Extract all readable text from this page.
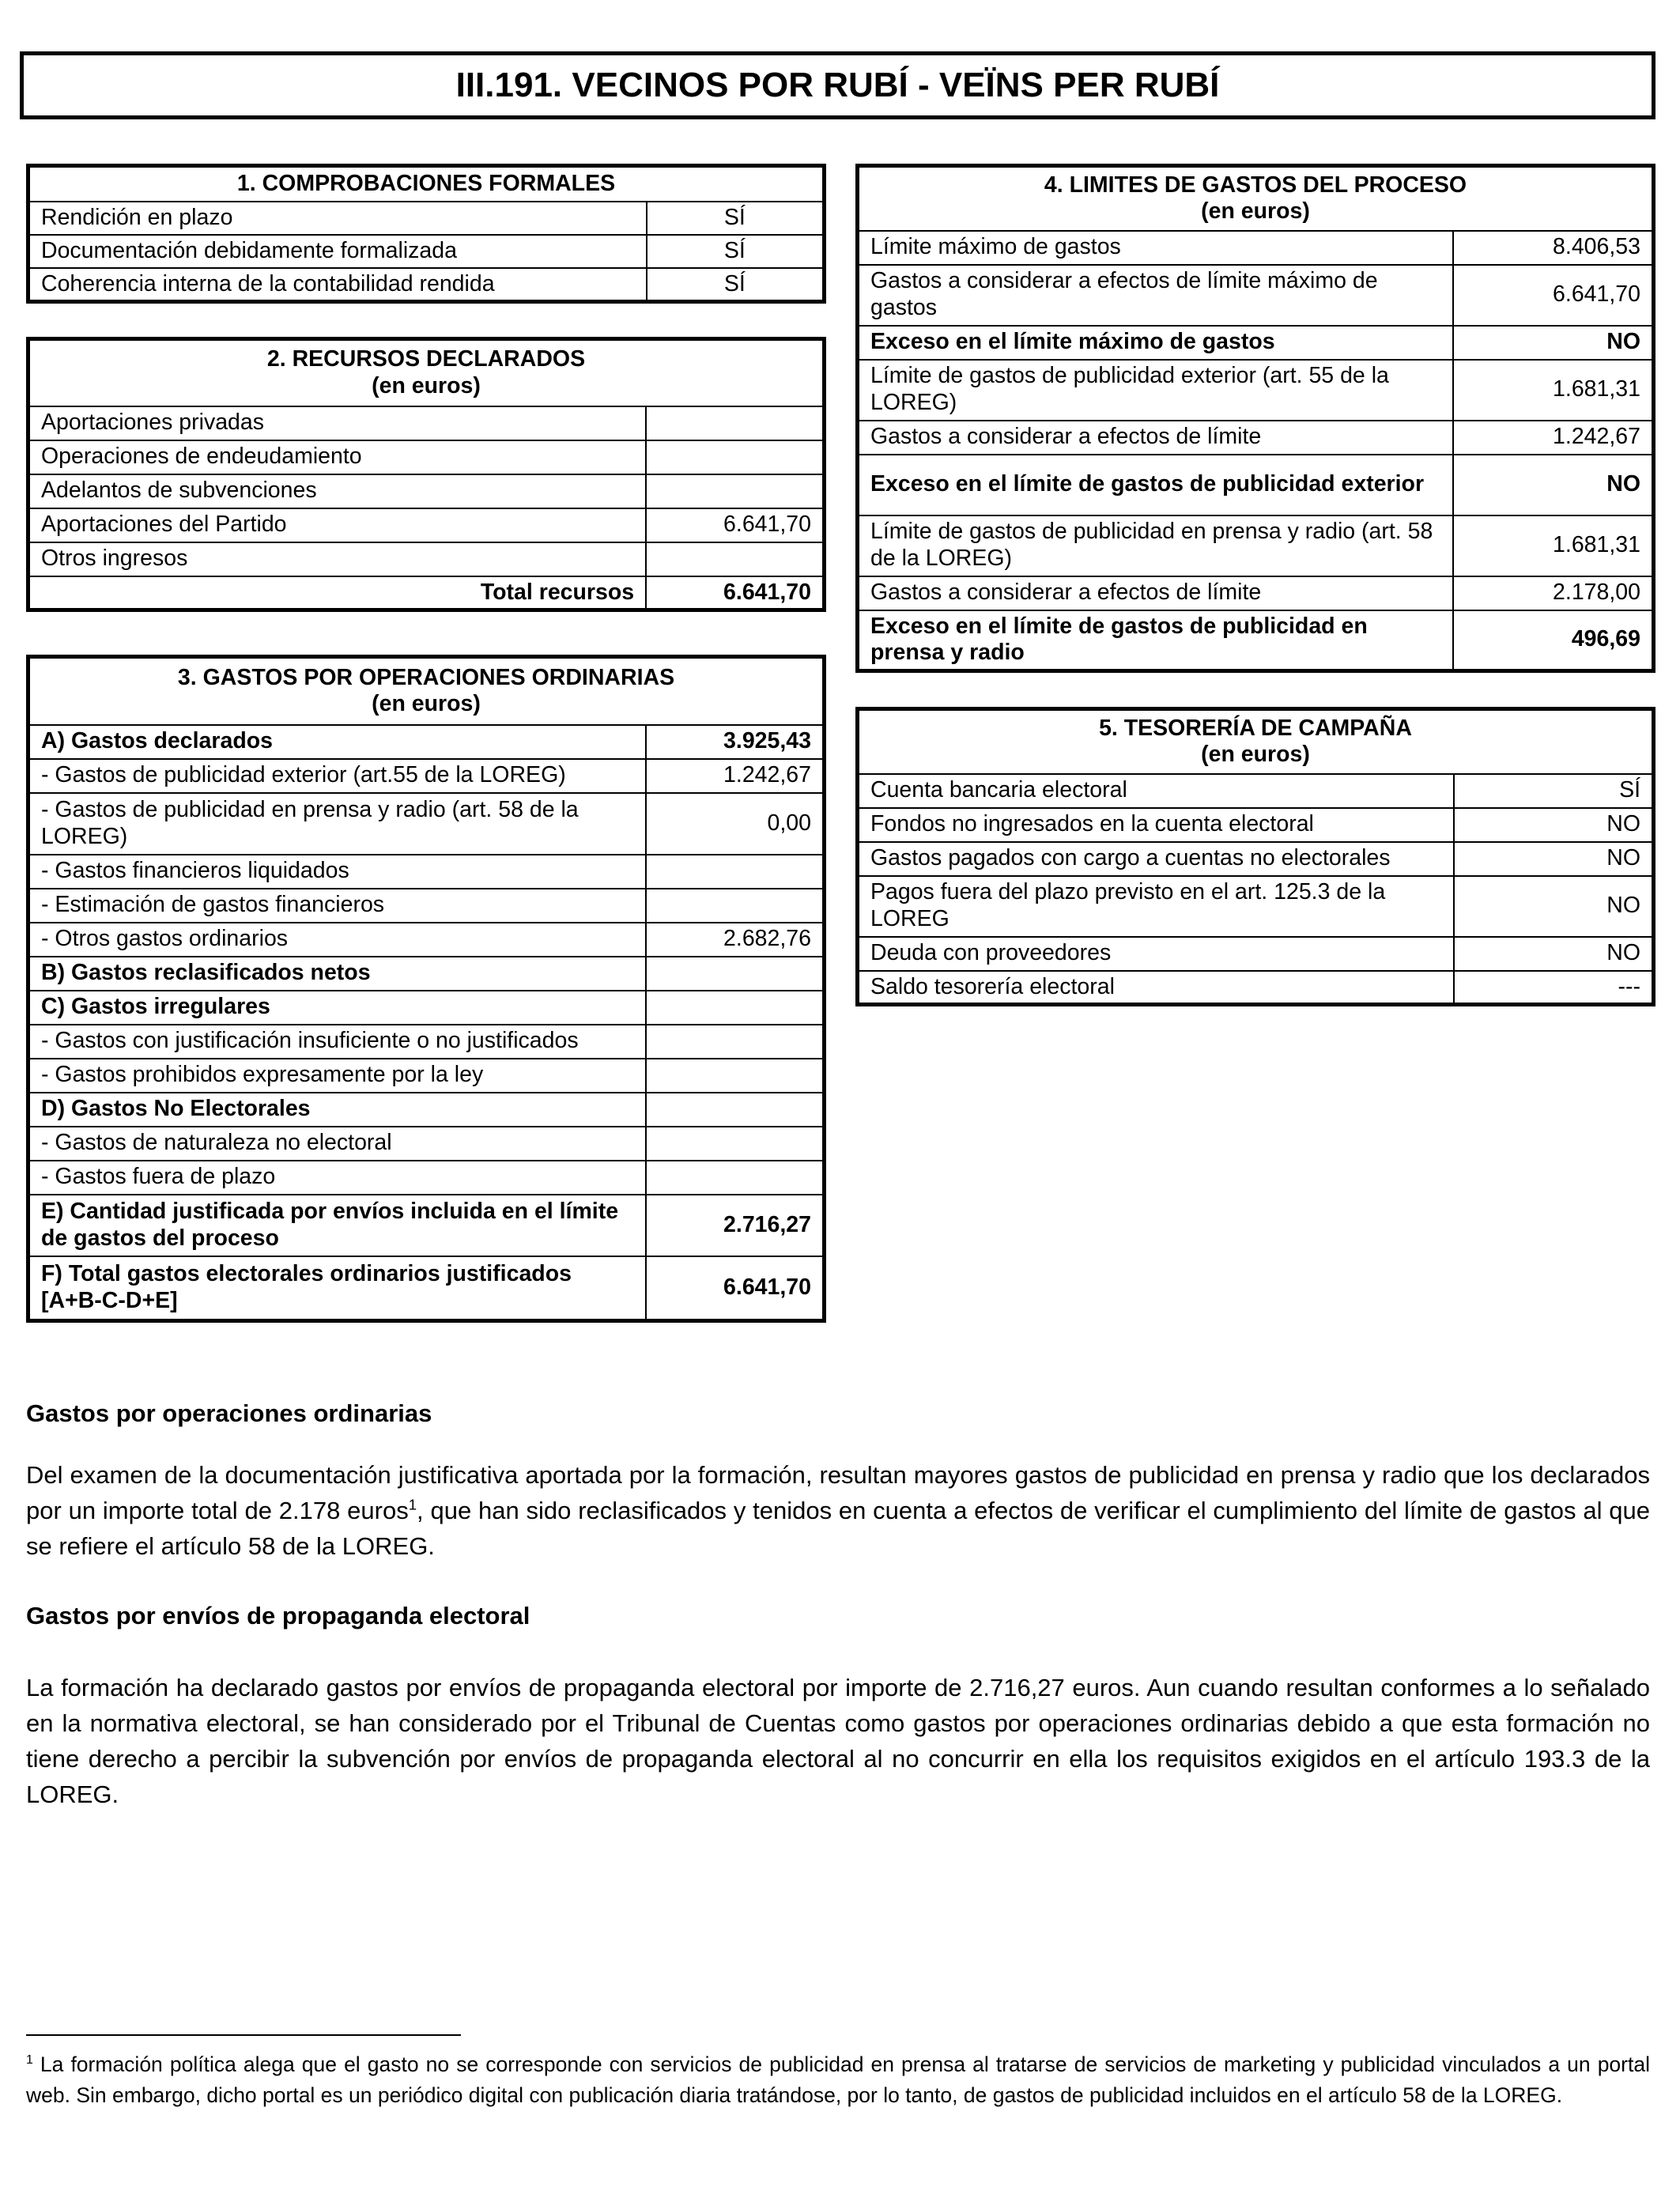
III.191. VECINOS POR RUBÍ - VEÏNS PER RUBÍ
1. COMPROBACIONES FORMALES	
Rendición en plazo	SÍ
Documentación debidamente formalizada	SÍ
Coherencia interna de la contabilidad rendida	SÍ
2. RECURSOS DECLARADOS
(en euros)	
Aportaciones privadas	
Operaciones de endeudamiento	
Adelantos de subvenciones	
Aportaciones del Partido	6.641,70
Otros ingresos	
Total recursos	6.641,70
3. GASTOS POR OPERACIONES ORDINARIAS
(en euros)	
A) Gastos declarados	3.925,43
- Gastos de publicidad exterior (art.55 de la LOREG)	1.242,67
- Gastos de publicidad en prensa y radio (art. 58 de la LOREG)	0,00
- Gastos financieros liquidados	
- Estimación de gastos financieros	
- Otros gastos ordinarios	2.682,76
B) Gastos reclasificados netos	
C) Gastos irregulares	
- Gastos con justificación insuficiente o no justificados	
- Gastos prohibidos expresamente por la ley	
D) Gastos No Electorales	
- Gastos de naturaleza no electoral	
- Gastos fuera de plazo	
E) Cantidad justificada por envíos incluida en el límite de gastos del proceso	2.716,27
F) Total gastos electorales ordinarios justificados [A+B-C-D+E]	6.641,70
4. LIMITES DE GASTOS DEL PROCESO
(en euros)	
Límite máximo de gastos	8.406,53
Gastos a considerar a efectos de límite máximo de gastos	6.641,70
Exceso en el límite máximo de gastos	NO
Límite de gastos de publicidad exterior (art. 55 de la LOREG)	1.681,31
Gastos a considerar a efectos de límite	1.242,67
Exceso en el límite de gastos de publicidad exterior	NO
Límite de gastos de publicidad en prensa y radio (art. 58 de la LOREG)	1.681,31
Gastos a considerar a efectos de límite	2.178,00
Exceso en el límite de gastos de publicidad en prensa y radio	496,69
5. TESORERÍA DE CAMPAÑA
(en euros)	
Cuenta bancaria electoral	SÍ
Fondos no ingresados en la cuenta electoral	NO
Gastos pagados con cargo a cuentas no electorales	NO
Pagos fuera del plazo previsto en el art. 125.3 de la LOREG	NO
Deuda con proveedores	NO
Saldo tesorería electoral	---
Gastos por operaciones ordinarias
Del examen de la documentación justificativa aportada por la formación, resultan mayores gastos de publicidad en prensa y radio que los declarados por un importe total de 2.178 euros$^1$, que han sido reclasificados y tenidos en cuenta a efectos de verificar el cumplimiento del límite de gastos al que se refiere el artículo 58 de la LOREG.
Gastos por envíos de propaganda electoral
La formación ha declarado gastos por envíos de propaganda electoral por importe de 2.716,27 euros. Aun cuando resultan conformes a lo señalado en la normativa electoral, se han considerado por el Tribunal de Cuentas como gastos por operaciones ordinarias debido a que esta formación no tiene derecho a percibir la subvención por envíos de propaganda electoral al no concurrir en ella los requisitos exigidos en el artículo 193.3 de la LOREG.
$^1$ La formación política alega que el gasto no se corresponde con servicios de publicidad en prensa al tratarse de servicios de marketing y publicidad vinculados a un portal web. Sin embargo, dicho portal es un periódico digital con publicación diaria tratándose, por lo tanto, de gastos de publicidad incluidos en el artículo 58 de la LOREG.
